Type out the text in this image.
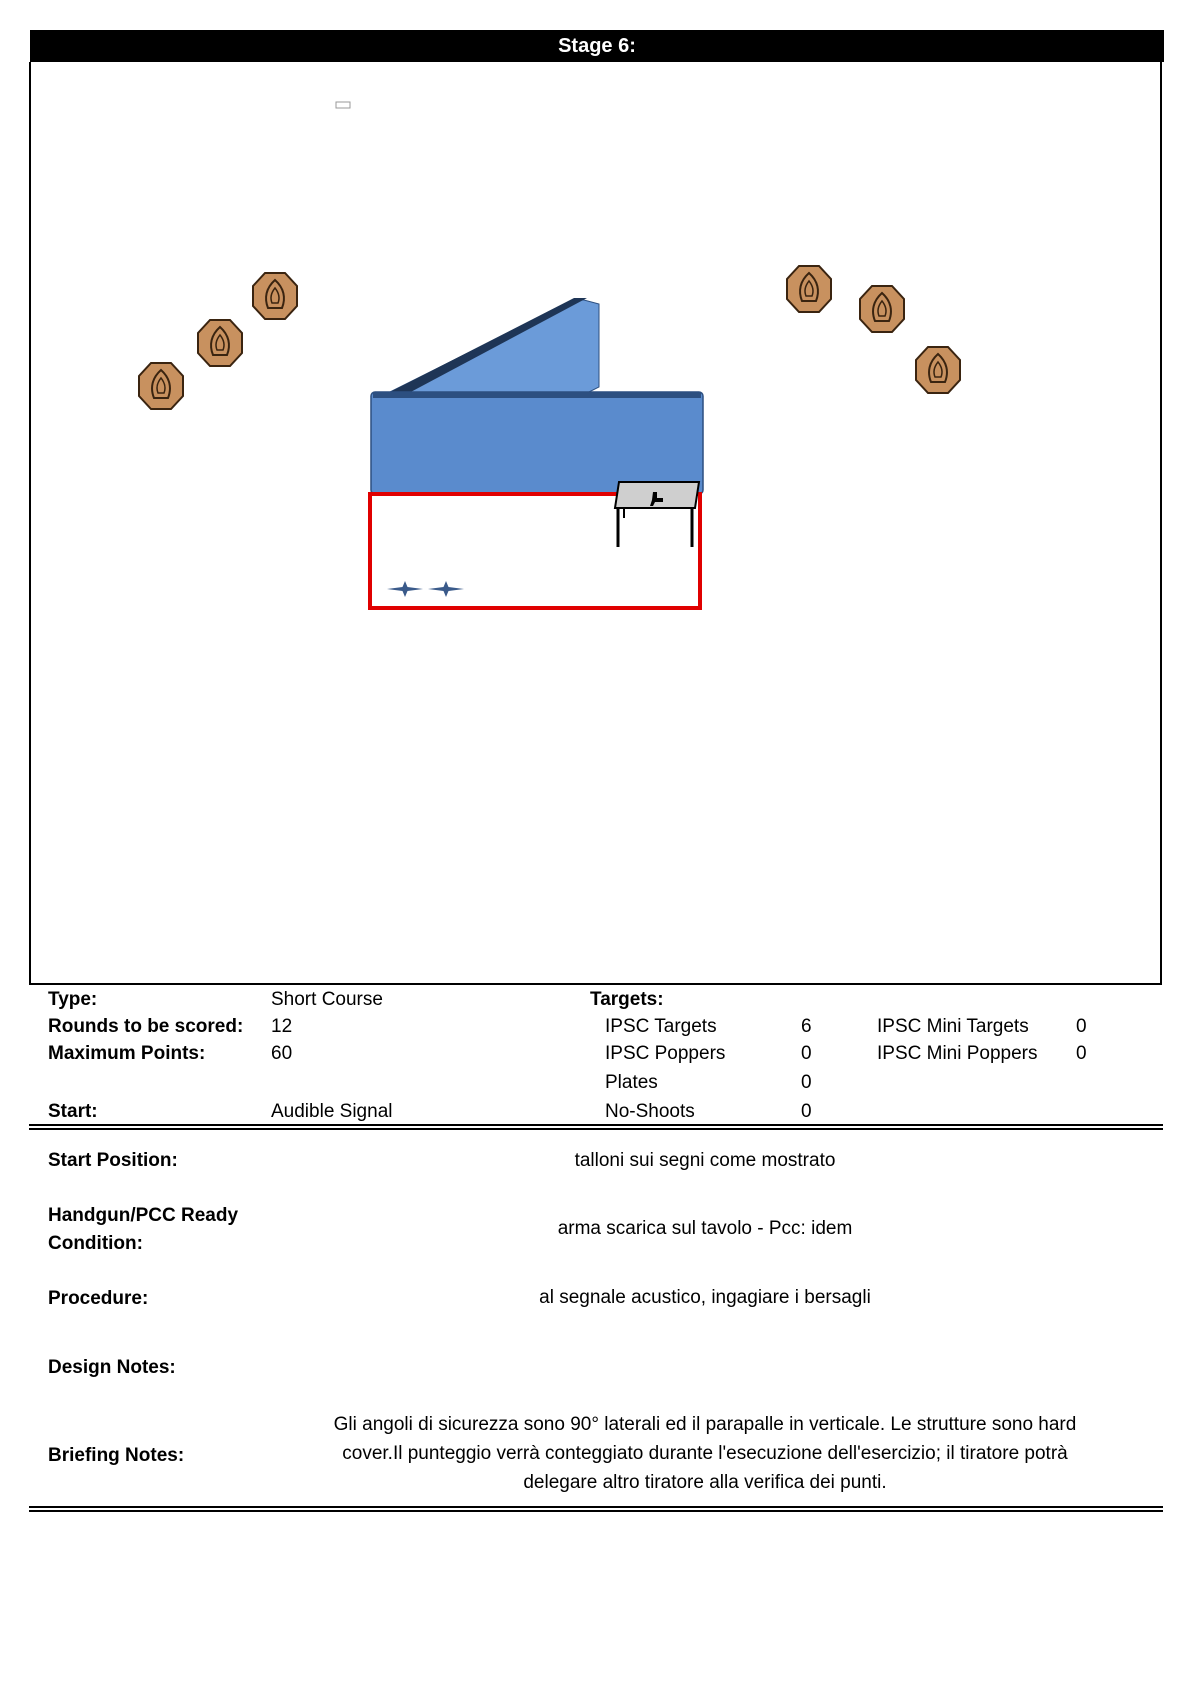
Stage 6:
Type:	Short Course
Rounds to be scored: 12
Maximum Points:	60
Start:	Audible Signal
Targets:
IPSC Targets	6
IPSC Poppers	0
Plates	0
No-Shoots	0
IPSC Mini Targets 0
IPSC Mini Poppers 0
Start Position:	talloni sui segni come mostrato
Handgun/PCC Ready
Condition:
arma scarica sul tavolo - Pcc: idem
Procedure:	al segnale acustico, ingagiare i bersagli
Design Notes:
Briefing Notes:
Gli angoli di sicurezza sono 90° laterali ed il parapalle in verticale. Le strutture sono hard
cover.Il punteggio verrà conteggiato durante l'esecuzione dell'esercizio; il tiratore potrà
delegare altro tiratore alla verifica dei punti.
